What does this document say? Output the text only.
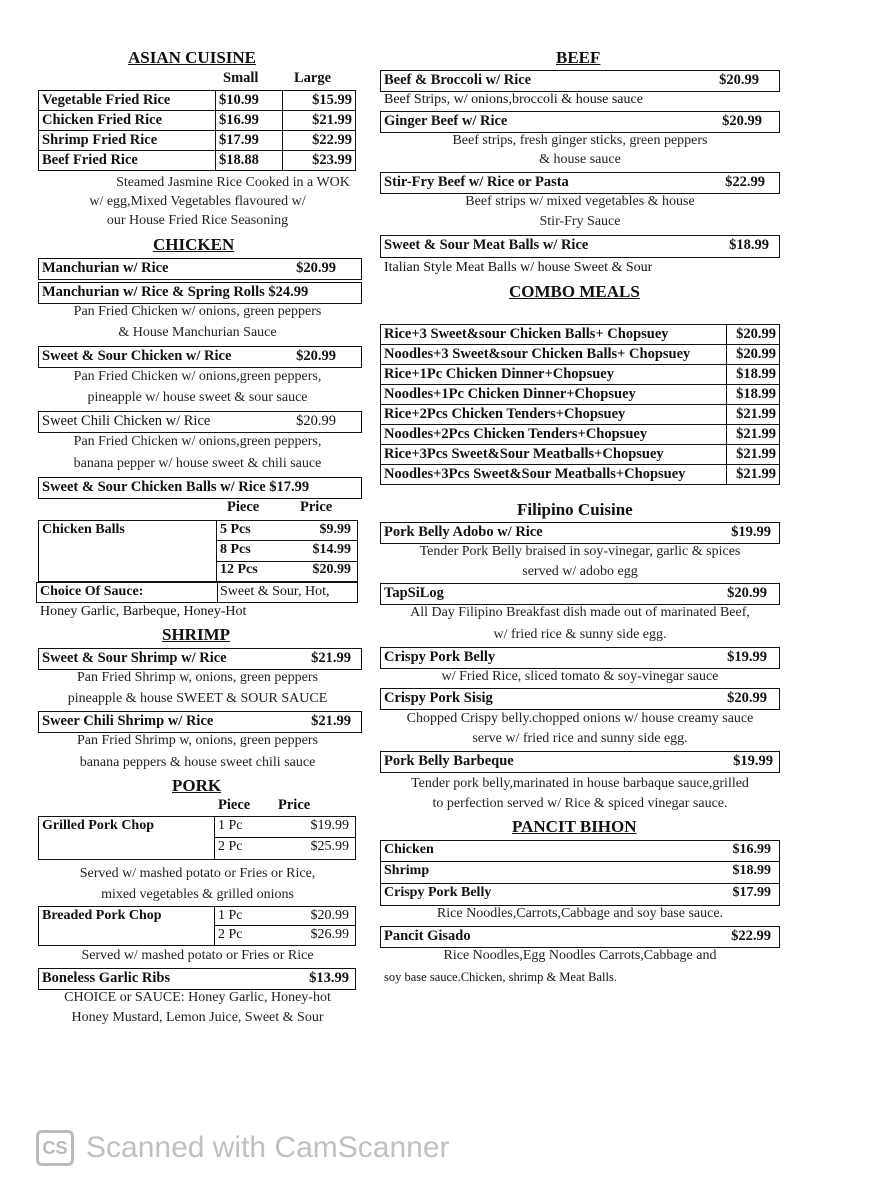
ASIAN CUISINE
Small Large
Vegetable Fried Rice	$10.99	$15.99
Chicken Fried Rice	$16.99	$21.99
Shrimp Fried Rice	$17.99	$22.99
Beef Fried Rice	$18.88	$23.99
Steamed Jasmine Rice Cooked in a WOK
w/ egg,Mixed Vegetables flavoured w/
our House Fried Rice Seasoning
CHICKEN
Manchurian w/ Rice	$20.99
Manchurian w/ Rice & Spring Rolls $24.99
Pan Fried Chicken w/ onions, green peppers
& House Manchurian Sauce
Sweet & Sour Chicken w/ Rice	$20.99
Pan Fried Chicken w/ onions,green peppers,
pineapple w/ house sweet & sour sauce
Sweet Chili Chicken w/ Rice	$20.99
Pan Fried Chicken w/ onions,green peppers,
banana pepper w/ house sweet & chili sauce
Sweet & Sour Chicken Balls w/ Rice $17.99
Piece	Price
Chicken Balls	5 Pcs	$9.99
8 Pcs	$14.99
12 Pcs	$20.99
Choice Of Sauce:	Sweet & Sour, Hot,
Honey Garlic, Barbeque, Honey-Hot
SHRIMP
Sweet & Sour Shrimp w/ Rice	$21.99
Pan Fried Shrimp w, onions, green peppers
pineapple & house SWEET & SOUR SAUCE
Sweer Chili Shrimp w/ Rice	$21.99
Pan Fried Shrimp w, onions, green peppers
banana peppers & house sweet chili sauce
PORK
Piece Price
Grilled Pork Chop	1 Pc	$19.99
2 Pc	$25.99
Served w/ mashed potato or Fries or Rice,
mixed vegetables & grilled onions
Breaded Pork Chop	1 Pc	$20.99
2 Pc	$26.99
Served w/ mashed potato or Fries or Rice
Boneless Garlic Ribs	$13.99
CHOICE or SAUCE: Honey Garlic, Honey-hot
Honey Mustard, Lemon Juice, Sweet & Sour
BEEF
Beef & Broccoli w/ Rice	$20.99
Beef Strips, w/ onions,broccoli & house sauce
Ginger Beef w/ Rice	$20.99
Beef strips, fresh ginger sticks, green peppers
& house sauce
Stir-Fry Beef w/ Rice or Pasta	$22.99
Beef strips w/ mixed vegetables & house
Stir-Fry Sauce
Sweet & Sour Meat Balls w/ Rice	$18.99
Italian Style Meat Balls w/ house Sweet & Sour
COMBO MEALS
Rice+3 Sweet&sour Chicken Balls+ Chopsuey	$20.99
Noodles+3 Sweet&sour Chicken Balls+ Chopsuey	$20.99
Rice+1Pc Chicken Dinner+Chopsuey	$18.99
Noodles+1Pc Chicken Dinner+Chopsuey	$18.99
Rice+2Pcs Chicken Tenders+Chopsuey	$21.99
Noodles+2Pcs Chicken Tenders+Chopsuey	$21.99
Rice+3Pcs Sweet&Sour Meatballs+Chopsuey	$21.99
Noodles+3Pcs Sweet&Sour Meatballs+Chopsuey	$21.99
Filipino Cuisine
Pork Belly Adobo w/ Rice	$19.99
Tender Pork Belly braised in soy-vinegar, garlic & spices
served w/ adobo egg
TapSiLog	$20.99
All Day Filipino Breakfast dish made out of marinated Beef,
w/ fried rice & sunny side egg.
Crispy Pork Belly	$19.99
w/ Fried Rice, sliced tomato & soy-vinegar sauce
Crispy Pork Sisig	$20.99
Chopped Crispy belly.chopped onions w/ house creamy sauce
serve w/ fried rice and sunny side egg.
Pork Belly Barbeque	$19.99
Tender pork belly,marinated in house barbaque sauce,grilled
to perfection served w/ Rice & spiced vinegar sauce.
PANCIT BIHON
Chicken	$16.99
Shrimp	$18.99
Crispy Pork Belly	$17.99
Rice Noodles,Carrots,Cabbage and soy base sauce.
Pancit Gisado	$22.99
Rice Noodles,Egg Noodles Carrots,Cabbage and
soy base sauce.Chicken, shrimp & Meat Balls.
CS Scanned with CamScanner
